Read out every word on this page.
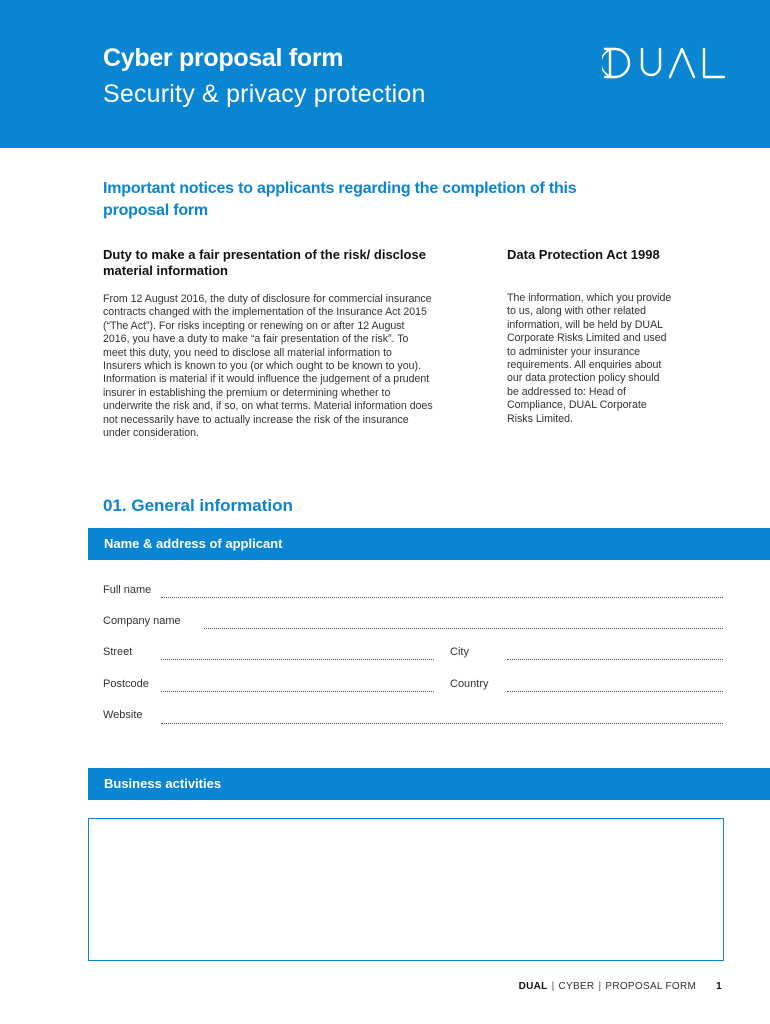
Cyber proposal form
Security & privacy protection
DUAL
Important notices to applicants regarding the completion of this proposal form
Duty to make a fair presentation of the risk/ disclose material information
From 12 August 2016, the duty of disclosure for commercial insurance contracts changed with the implementation of the Insurance Act 2015 (“The Act”). For risks incepting or renewing on or after 12 August 2016, you have a duty to make “a fair presentation of the risk”. To meet this duty, you need to disclose all material information to Insurers which is known to you (or which ought to be known to you). Information is material if it would influence the judgement of a prudent insurer in establishing the premium or determining whether to underwrite the risk and, if so, on what terms. Material information does not necessarily have to actually increase the risk of the insurance under consideration.
Data Protection Act 1998
The information, which you provide to us, along with other related information, will be held by DUAL Corporate Risks Limited and used to administer your insurance requirements. All enquiries about our data protection policy should be addressed to: Head of Compliance, DUAL Corporate Risks Limited.
01. General information
Name & address of applicant
Full name
Company name
Street	City
Postcode	Country
Website
Business activities
DUAL | CYBER | PROPOSAL FORM 1
